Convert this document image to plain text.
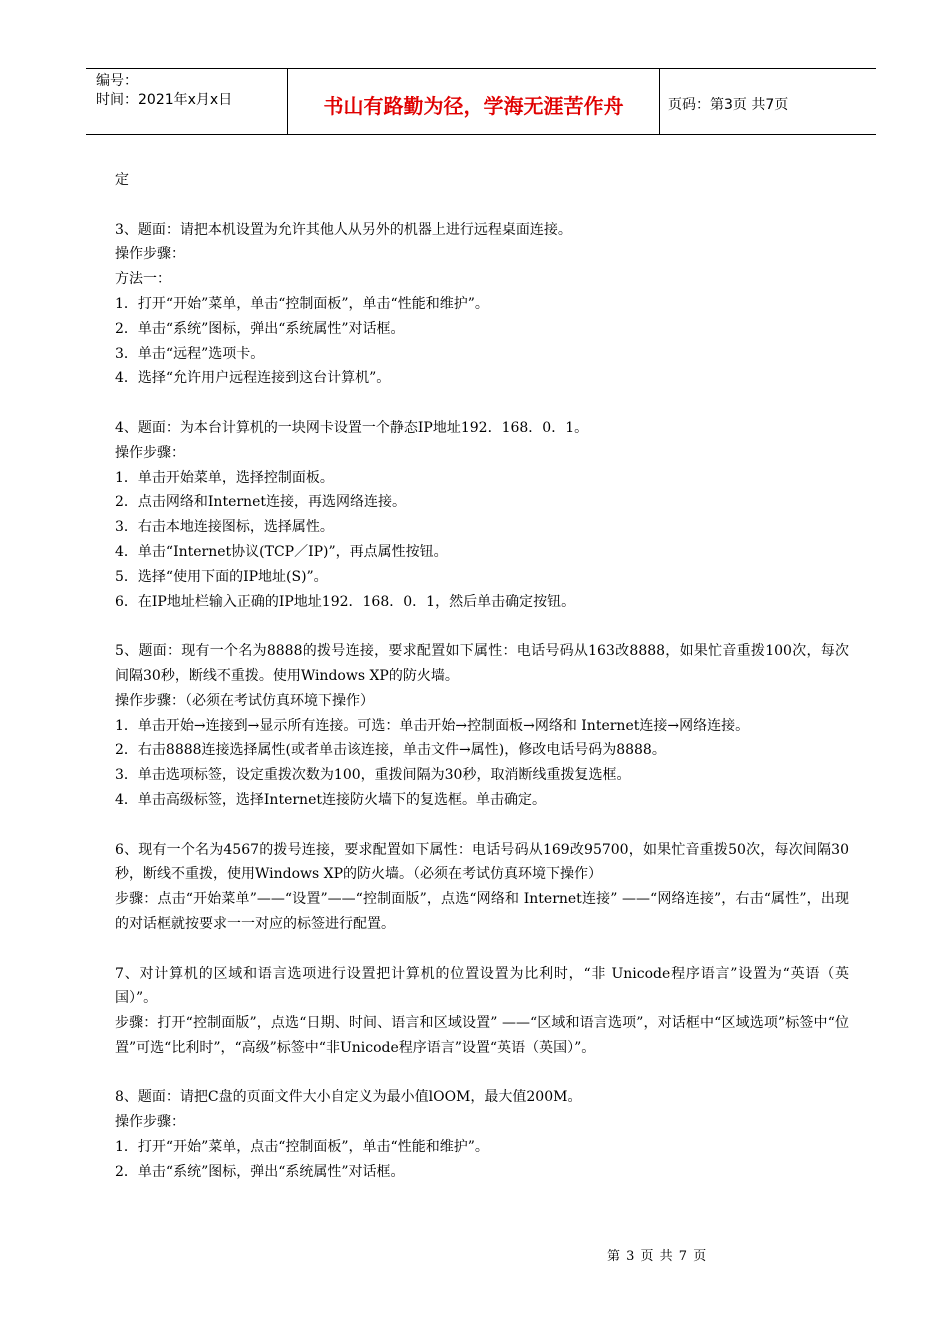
编号：
时间：2021年x月x日	书山有路勤为径，学海无涯苦作舟	页码：第3页 共7页

定

3、题面：请把本机设置为允许其他人从另外的机器上进行远程桌面连接。

操作步骤：

方法一：

1．打开“开始”菜单，单击“控制面板”，单击“性能和维护”。

2．单击“系统”图标，弹出“系统属性”对话框。

3．单击“远程”选项卡。

4．选择“允许用户远程连接到这台计算机”。

4、题面：为本台计算机的一块网卡设置一个静态IP地址192．168．0．1。

操作步骤：

1．单击开始菜单，选择控制面板。

2．点击网络和Internet连接，再选网络连接。

3．右击本地连接图标，选择属性。

4．单击“Internet协议(TCP／IP)”，再点属性按钮。

5．选择“使用下面的IP地址(S)”。

6．在IP地址栏输入正确的IP地址192．168．0．1，然后单击确定按钮。

5、题面：现有一个名为8888的拨号连接，要求配置如下属性：电话号码从163改8888，如果忙音重拨100次，每次间隔30秒，断线不重拨。使用Windows XP的防火墙。

操作步骤：（必须在考试仿真环境下操作）

1．单击开始→连接到→显示所有连接。可选：单击开始→控制面板→网络和 Internet连接→网络连接。

2．右击8888连接选择属性(或者单击该连接，单击文件→属性)，修改电话号码为8888。

3．单击选项标签，设定重拨次数为100，重拨间隔为30秒，取消断线重拨复选框。

4．单击高级标签，选择Internet连接防火墙下的复选框。单击确定。

6、现有一个名为4567的拨号连接，要求配置如下属性：电话号码从169改95700，如果忙音重拨50次，每次间隔30秒，断线不重拨，使用Windows XP的防火墙。（必须在考试仿真环境下操作）

步骤：点击“开始菜单”——“设置”——“控制面版”，点选“网络和 Internet连接” ——“网络连接”，右击“属性”，出现的对话框就按要求一一对应的标签进行配置。

7、对计算机的区域和语言选项进行设置把计算机的位置设置为比利时，“非 Unicode程序语言”设置为“英语（英国）”。

步骤：打开“控制面版”，点选“日期、时间、语言和区域设置” ——“区域和语言选项”，对话框中“区域选项”标签中“位置”可选“比利时”，“高级”标签中“非Unicode程序语言”设置“英语（英国）”。

8、题面：请把C盘的页面文件大小自定义为最小值lOOM，最大值200M。

操作步骤：

1．打开“开始”菜单，点击“控制面板”，单击“性能和维护”。

2．单击“系统”图标，弹出“系统属性”对话框。

第 3 页 共 7 页
